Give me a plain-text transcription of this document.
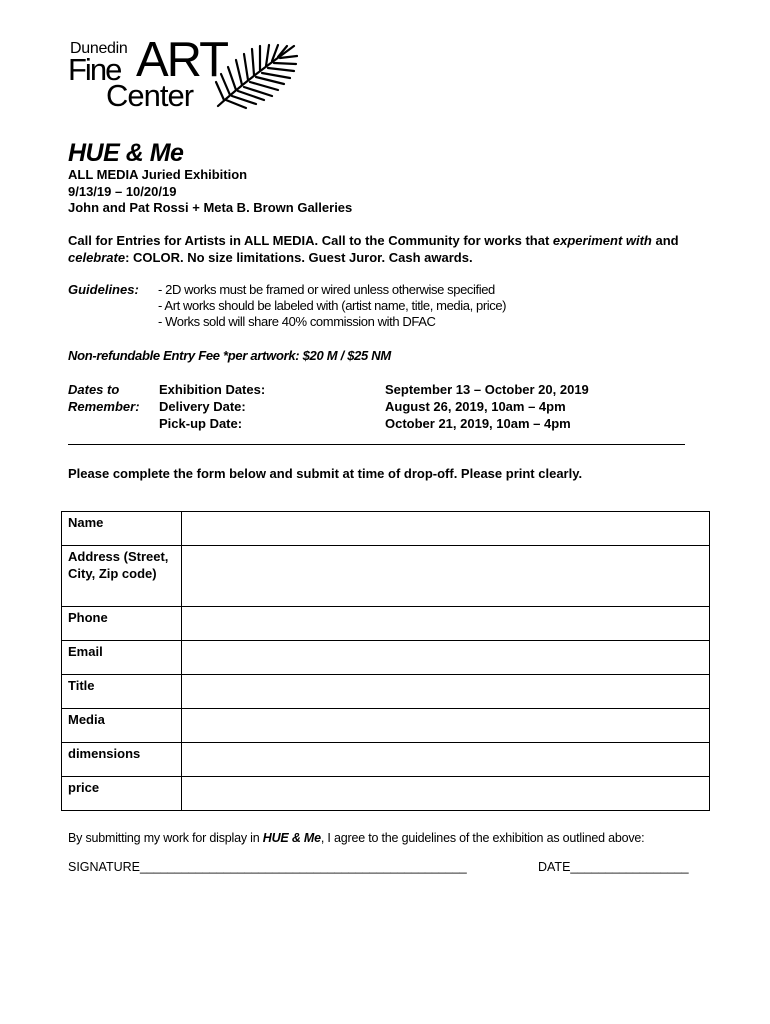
Dunedin
Fine ART
Center
HUE & Me
ALL MEDIA Juried Exhibition
9/13/19 – 10/20/19
John and Pat Rossi + Meta B. Brown Galleries
Call for Entries for Artists in ALL MEDIA. Call to the Community for works that experiment with and celebrate: COLOR. No size limitations. Guest Juror. Cash awards.
Guidelines: - 2D works must be framed or wired unless otherwise specified
- Art works should be labeled with (artist name, title, media, price)
- Works sold will share 40% commission with DFAC
Non-refundable Entry Fee *per artwork: $20 M / $25 NM
Dates to
Remember:
Exhibition Dates:	September 13 – October 20, 2019
Delivery Date:	August 26, 2019, 10am – 4pm
Pick-up Date:	October 21, 2019, 10am – 4pm
Please complete the form below and submit at time of drop-off. Please print clearly.
Name	
Address (Street, City, Zip code)	
Phone	
Email	
Title	
Media	
dimensions	
price	
By submitting my work for display in HUE & Me, I agree to the guidelines of the exhibition as outlined above:
SIGNATURE_______________________________________________	DATE_________________
